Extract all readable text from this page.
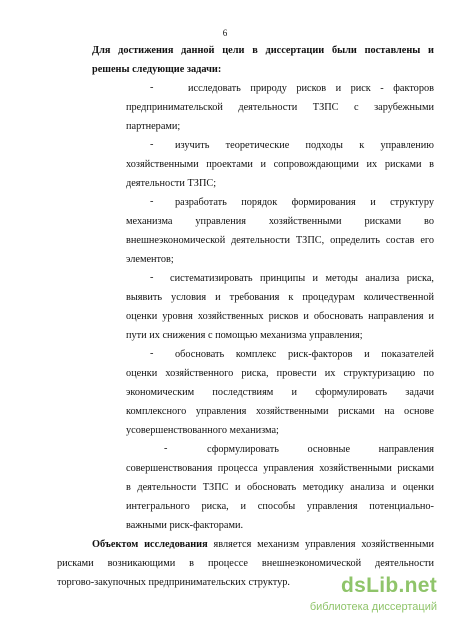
6
Для достижения данной цели в диссертации были поставлены и
решены следующие задачи:
-	исследовать природу рисков и риск - факторов
предпринимательской деятельности ТЗПС с зарубежными
партнерами;
- изучить теоретические подходы к управлению
хозяйственными проектами и сопровождающими их рисками в
деятельности ТЗПС;
- разработать порядок формирования и структуру
механизма управления хозяйственными рисками во
внешнеэкономической деятельности ТЗПС, определить состав его
элементов;
- систематизировать принципы и методы анализа риска,
выявить условия и требования к процедурам количественной
оценки уровня хозяйственных рисков и обосновать направления и
пути их снижения с помощью механизма управления;
- обосновать комплекс риск-факторов и показателей
оценки хозяйственного риска, провести их структуризацию по
экономическим последствиям и сформулировать задачи
комплексного управления хозяйственными рисками на основе
усовершенствованного механизма;
-	сформулировать основные направления
совершенствования процесса управления хозяйственными рисками
в деятельности ТЗПС и обосновать методику анализа и оценки
интегрального риска, и способы управления потенциально-
важными риск-факторами.
Объектом исследования является механизм управления хозяйственными
рисками возникающими в процессе внешнеэкономической деятельности
торгово-закупочных предпринимательских структур. dsLib.net
библиотека диссертаций
